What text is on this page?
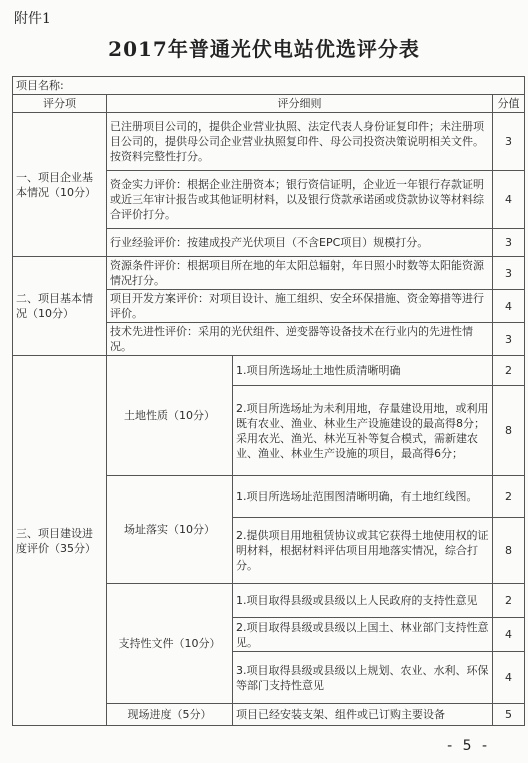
附件1
2017年普通光伏电站优选评分表
项目名称:			
评分项	评分细则		分值
一、项目企业基本情况（10分）	已注册项目公司的，提供企业营业执照、法定代表人身份证复印件；未注册项目公司的，提供母公司企业营业执照复印件、母公司投资决策说明相关文件。按资料完整性打分。		3
	资金实力评价：根据企业注册资本；银行资信证明，企业近一年银行存款证明或近三年审计报告或其他证明材料，以及银行贷款承诺函或贷款协议等材料综合评价打分。		4
	行业经验评价：按建成投产光伏项目（不含EPC项目）规模打分。		3
二、项目基本情况（10分）	资源条件评价：根据项目所在地的年太阳总辐射，年日照小时数等太阳能资源情况打分。		3
	项目开发方案评价：对项目设计、施工组织、安全环保措施、资金筹措等进行评价。		4
	技术先进性评价：采用的光伏组件、逆变器等设备技术在行业内的先进性情况。		3
三、项目建设进度评价（35分）	土地性质（10分）	1.项目所选场址土地性质清晰明确	2
		2.项目所选场址为未利用地，存量建设用地，或利用既有农业、渔业、林业生产设施建设的最高得8分；采用农光、渔光、林光互补等复合模式，需新建农业、渔业、林业生产设施的项目，最高得6分；	8
	场址落实（10分）	1.项目所选场址范围图清晰明确，有土地红线图。	2
		2.提供项目用地租赁协议或其它获得土地使用权的证明材料，根据材料评估项目用地落实情况，综合打分。	8
	支持性文件（10分）	1.项目取得县级或县级以上人民政府的支持性意见	2
		2.项目取得县级或县级以上国土、林业部门支持性意见。	4
		3.项目取得县级或县级以上规划、农业、水利、环保等部门支持性意见	4
	现场进度（5分）	项目已经安装支架、组件或已订购主要设备	5
- 5 -
